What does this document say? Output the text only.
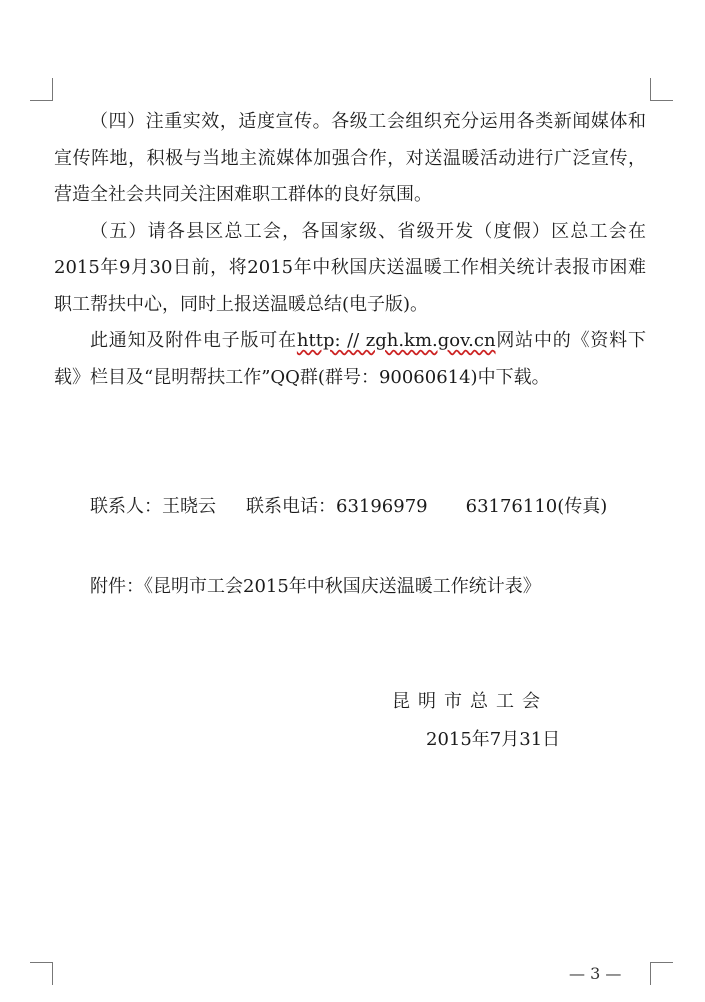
（四）注重实效，适度宣传。各级工会组织充分运用各类新闻媒体和宣传阵地，积极与当地主流媒体加强合作，对送温暖活动进行广泛宣传，营造全社会共同关注困难职工群体的良好氛围。

（五）请各县区总工会，各国家级、省级开发（度假）区总工会在2015年9月30日前，将2015年中秋国庆送温暖工作相关统计表报市困难职工帮扶中心，同时上报送温暖总结(电子版)。

此通知及附件电子版可在http: // zgh.km.gov.cn网站中的《资料下载》栏目及“昆明帮扶工作”QQ群(群号：90060614)中下载。

联系人：王晓云 联系电话：63196979 63176110(传真)
附件：《昆明市工会2015年中秋国庆送温暖工作统计表》
昆明市总工会
2015年7月31日
— 3 —
